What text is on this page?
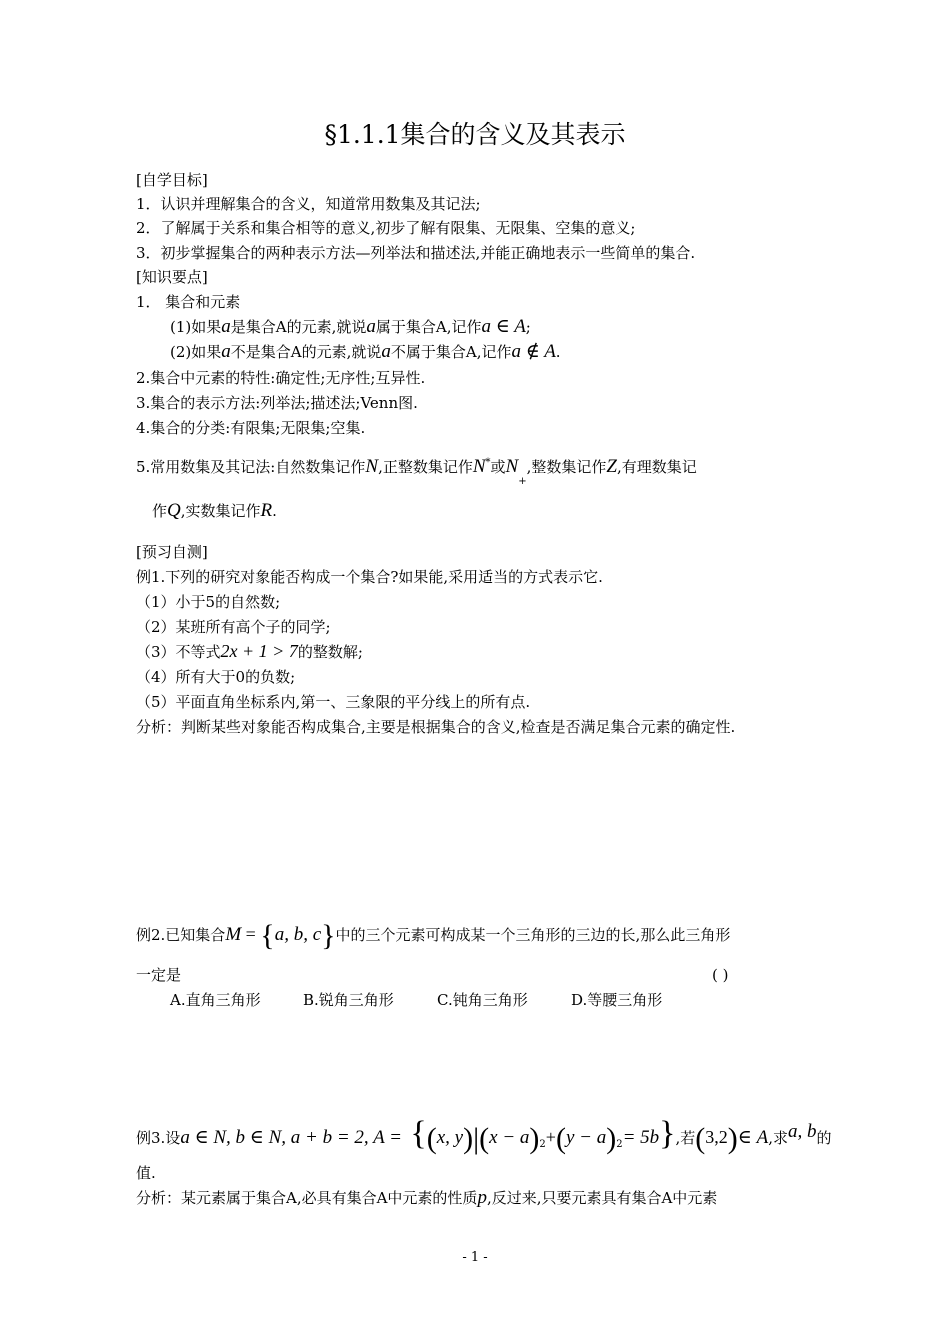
§1.1.1集合的含义及其表示
[自学目标]
1．认识并理解集合的含义，知道常用数集及其记法;
2．了解属于关系和集合相等的意义,初步了解有限集、无限集、空集的意义;
3．初步掌握集合的两种表示方法—列举法和描述法,并能正确地表示一些简单的集合.
[知识要点]
1． 集合和元素
(1)如果a是集合A的元素,就说a属于集合A,记作a ∈ A;
(2)如果a不是集合A的元素,就说a不属于集合A,记作a ∉ A.
2.集合中元素的特性:确定性;无序性;互异性.
3.集合的表示方法:列举法;描述法;Venn图.
4.集合的分类:有限集;无限集;空集.
5.常用数集及其记法:自然数集记作N,正整数集记作N*或$N_+$,整数集记作Z,有理数集记
作Q,实数集记作R.
[预习自测]
例1.下列的研究对象能否构成一个集合?如果能,采用适当的方式表示它.
（1）小于5的自然数;
（2）某班所有高个子的同学;
（3）不等式2x + 1 > 7的整数解;
（4）所有大于0的负数;
（5）平面直角坐标系内,第一、三象限的平分线上的所有点.
分析：判断某些对象能否构成集合,主要是根据集合的含义,检查是否满足集合元素的确定性.
例2.已知集合M = {a, b, c}中的三个元素可构成某一个三角形的三边的长,那么此三角形
一定是	( )
A.直角三角形	B.锐角三角形	C.钝角三角形	D.等腰三角形
例3.设a ∈ N, b ∈ N, a + b = 2, A = {(x, $y)|(x - a)_2+(y - a)_2= 5b$},若(3,2)∈ A,求a, b的
值.
分析：某元素属于集合A,必具有集合A中元素的性质p,反过来,只要元素具有集合A中元素
- 1 -
